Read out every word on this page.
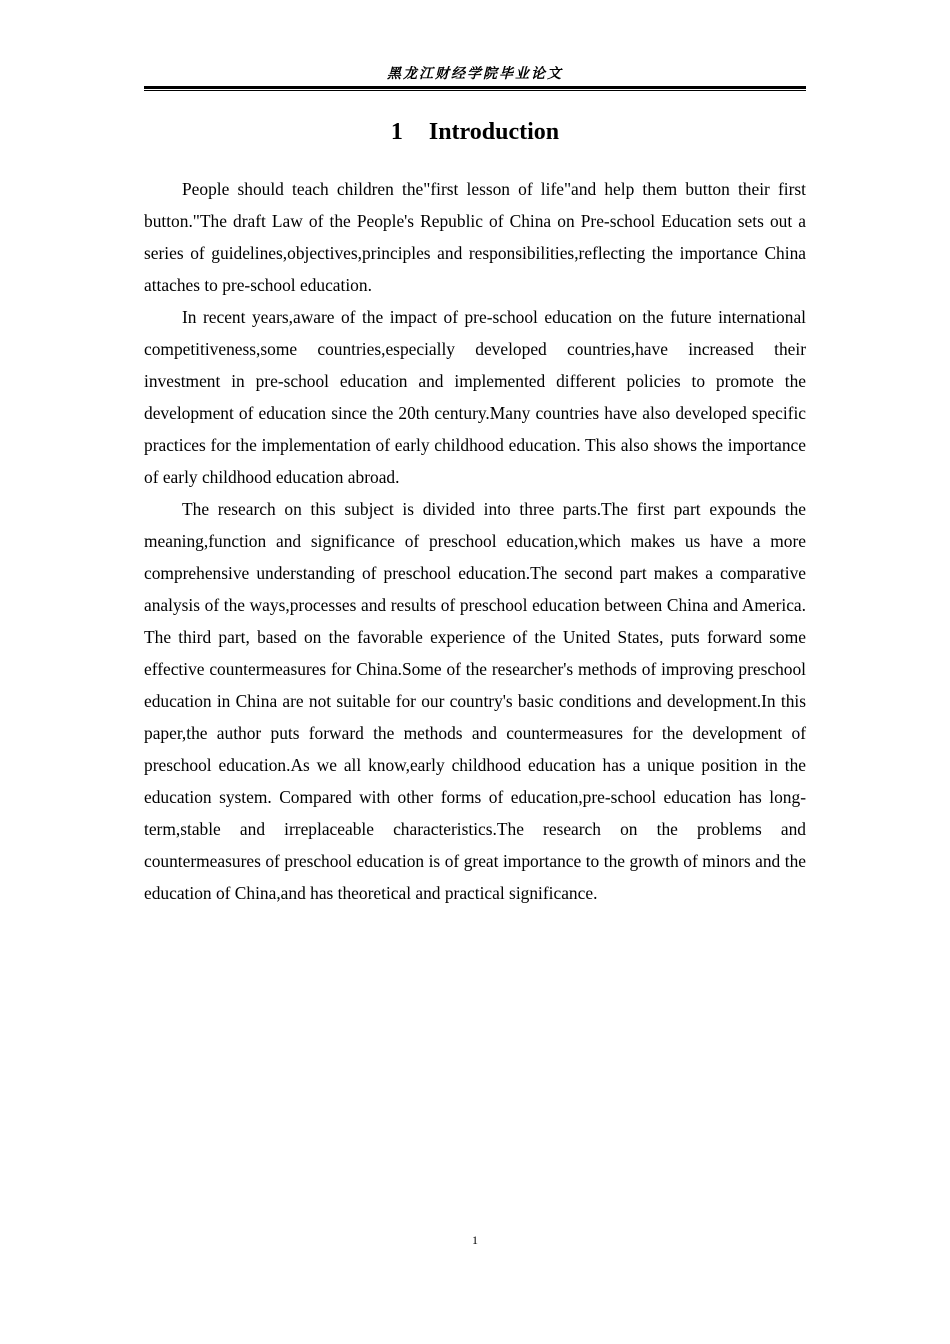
黑龙江财经学院毕业论文
1 Introduction

People should teach children the"first lesson of life"and help them button their first button."The draft Law of the People's Republic of China on Pre-school Education sets out a series of guidelines,objectives,principles and responsibilities,reflecting the importance China attaches to pre-school education.

In recent years,aware of the impact of pre-school education on the future international competitiveness,some countries,especially developed countries,have increased their investment in pre-school education and implemented different policies to promote the development of education since the 20th century.Many countries have also developed specific practices for the implementation of early childhood education. This also shows the importance of early childhood education abroad.

The research on this subject is divided into three parts.The first part expounds the meaning,function and significance of preschool education,which makes us have a more comprehensive understanding of preschool education.The second part makes a comparative analysis of the ways,processes and results of preschool education between China and America. The third part, based on the favorable experience of the United States, puts forward some effective countermeasures for China.Some of the researcher's methods of improving preschool education in China are not suitable for our country's basic conditions and development.In this paper,the author puts forward the methods and countermeasures for the development of preschool education.As we all know,early childhood education has a unique position in the education system. Compared with other forms of education,pre-school education has long-term,stable and irreplaceable characteristics.The research on the problems and countermeasures of preschool education is of great importance to the growth of minors and the education of China,and has theoretical and practical significance.

1
